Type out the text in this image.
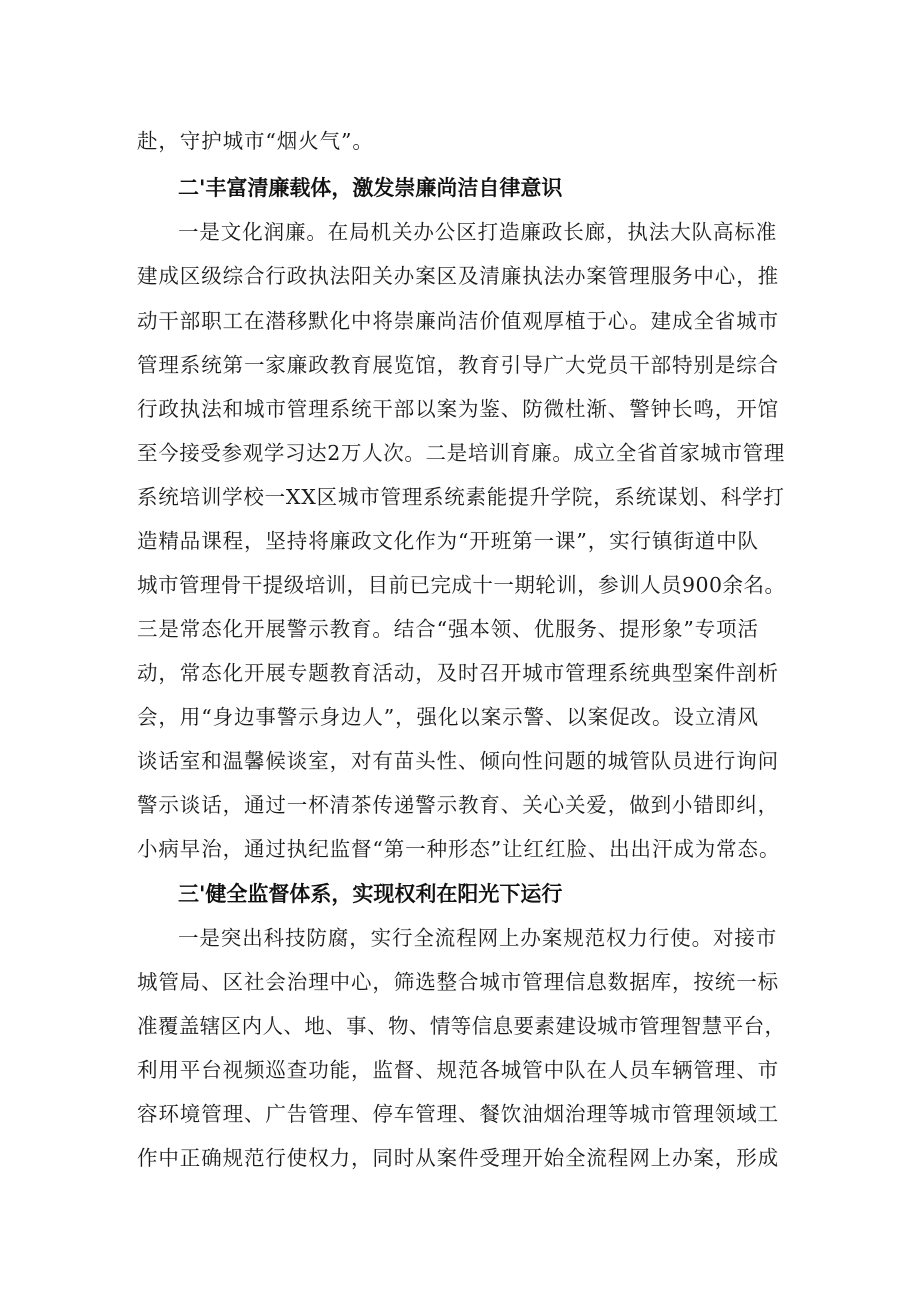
赴，守护城市“烟火气”。
二'丰富清廉载体，激发崇廉尚洁自律意识
一是文化润廉。在局机关办公区打造廉政长廊，执法大队高标准
建成区级综合行政执法阳关办案区及清廉执法办案管理服务中心，推
动干部职工在潜移默化中将崇廉尚洁价值观厚植于心。建成全省城市
管理系统第一家廉政教育展览馆，教育引导广大党员干部特别是综合
行政执法和城市管理系统干部以案为鉴、防微杜渐、警钟长鸣，开馆
至今接受参观学习达2万人次。二是培训育廉。成立全省首家城市管理
系统培训学校一XX区城市管理系统素能提升学院，系统谋划、科学打
造精品课程，坚持将廉政文化作为“开班第一课”，实行镇街道中队
城市管理骨干提级培训，目前已完成十一期轮训，参训人员900余名。
三是常态化开展警示教育。结合“强本领、优服务、提形象”专项活
动，常态化开展专题教育活动，及时召开城市管理系统典型案件剖析
会，用“身边事警示身边人”，强化以案示警、以案促改。设立清风
谈话室和温馨候谈室，对有苗头性、倾向性问题的城管队员进行询问
警示谈话，通过一杯清茶传递警示教育、关心关爱，做到小错即纠，
小病早治，通过执纪监督“第一种形态”让红红脸、出出汗成为常态。
三'健全监督体系，实现权利在阳光下运行
一是突出科技防腐，实行全流程网上办案规范权力行使。对接市
城管局、区社会治理中心，筛选整合城市管理信息数据库，按统一标
准覆盖辖区内人、地、事、物、情等信息要素建设城市管理智慧平台，
利用平台视频巡查功能，监督、规范各城管中队在人员车辆管理、市
容环境管理、广告管理、停车管理、餐饮油烟治理等城市管理领域工
作中正确规范行使权力，同时从案件受理开始全流程网上办案，形成
